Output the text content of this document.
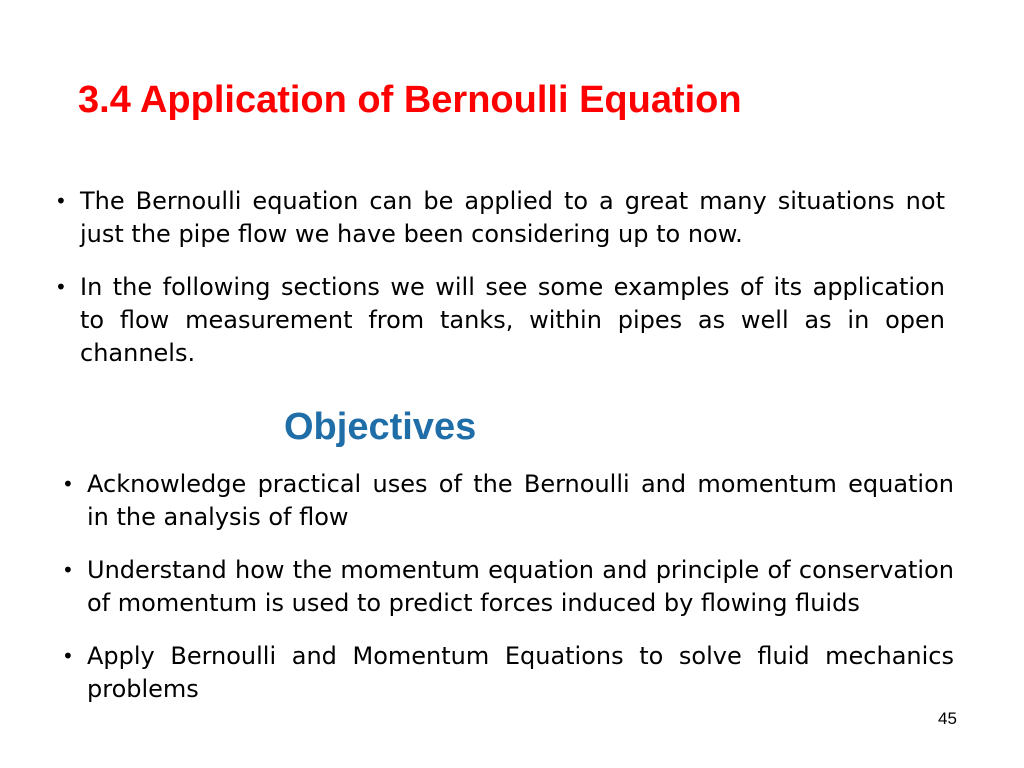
3.4 Application of Bernoulli Equation

• The Bernoulli equation can be applied to a great many situations not just the pipe flow we have been considering up to now.

• In the following sections we will see some examples of its application to flow measurement from tanks, within pipes as well as in open channels.

Objectives

• Acknowledge practical uses of the Bernoulli and momentum equation in the analysis of flow

• Understand how the momentum equation and principle of conservation of momentum is used to predict forces induced by flowing fluids

• Apply Bernoulli and Momentum Equations to solve fluid mechanics problems

45
